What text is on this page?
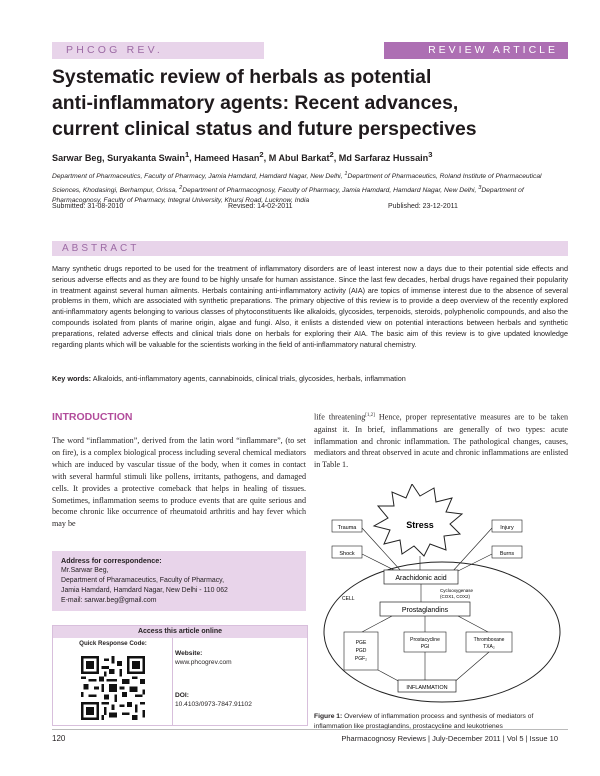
PHCOG REV.	REVIEW ARTICLE
Systematic review of herbals as potential
anti-inflammatory agents: Recent advances,
current clinical status and future perspectives
Sarwar Beg, Suryakanta Swain$^1$, Hameed Hasan$^2$, M Abul Barkat$^2$, Md Sarfaraz Hussain$^3$
Department of Pharmaceutics, Faculty of Pharmacy, Jamia Hamdard, Hamdard Nagar, New Delhi, $^1$Department of Pharmaceutics, Roland Institute of Pharmaceutical Sciences, Khodasingi, Berhampur, Orissa, $^2$Department of Pharmacognosy, Faculty of Pharmacy, Jamia Hamdard, Hamdard Nagar, New Delhi, $^3$Department of Pharmacognosy, Faculty of Pharmacy, Integral University, Khursi Road, Lucknow, India
Submitted: 31-08-2010	Revised: 14-02-2011	Published: 23-12-2011
ABSTRACT
Many synthetic drugs reported to be used for the treatment of inflammatory disorders are of least interest now a days due to their potential side effects and serious adverse effects and as they are found to be highly unsafe for human assistance. Since the last few decades, herbal drugs have regained their popularity in treatment against several human ailments. Herbals containing anti-inflammatory activity (AIA) are topics of immense interest due to the absence of several problems in them, which are associated with synthetic preparations. The primary objective of this review is to provide a deep overview of the recently explored anti-inflammatory agents belonging to various classes of phytoconstituents like alkaloids, glycosides, terpenoids, steroids, polyphenolic compounds, and also the compounds isolated from plants of marine origin, algae and fungi. Also, it enlists a distended view on potential interactions between herbals and synthetic preparations, related adverse effects and clinical trials done on herbals for exploring their AIA. The basic aim of this review is to give updated knowledge regarding plants which will be valuable for the scientists working in the field of anti-inflammatory natural chemistry.
Key words: Alkaloids, anti-inflammatory agents, cannabinoids, clinical trials, glycosides, herbals, inflammation
INTRODUCTION
The word “inflammation”, derived from the latin word “inflammare”, (to set on fire), is a complex biological process including several chemical mediators which are induced by vascular tissue of the body, when it comes in contact with several harmful stimuli like pollens, irritants, pathogens, and damaged cells. It provides a protective comeback that helps in healing of tissues. Sometimes, inflammation seems to produce events that are quite serious and become chronic like occurrence of rheumatoid arthritis and hay fever which may be
life threatening[1,2] Hence, proper representative measures are to be taken against it. In brief, inflammations are generally of two types: acute inflammation and chronic inflammation. The pathological changes, causes, mediators and threat observed in acute and chronic inflammations are enlisted in Table 1.
Address for correspondence:
Mr.Sarwar Beg,
Department of Pharamaceutics, Faculty of Pharmacy,
Jamia Hamdard, Hamdard Nagar, New Delhi - 110 062
E-mail: sarwar.beg@gmail.com
Access this article online
Quick Response Code:
Website:
www.phcogrev.com
DOI:
10.4103/0973-7847.91102
Stress
Trauma
Shock
Injury
Burns
Arachidonic acid
Cyclooxygenase
(COX1, COX2)
CELL
Prostaglandins
PGE
PGD
PGF₂
Prostacycline
PGI
Thromboxane
TXA₂
INFLAMMATION
Figure 1: Overview of inflammation process and synthesis of mediators of inflammation like prostaglandins, prostacycline and leukotrienes
120	Pharmacognosy Reviews | July-December 2011 | Vol 5 | Issue 10
